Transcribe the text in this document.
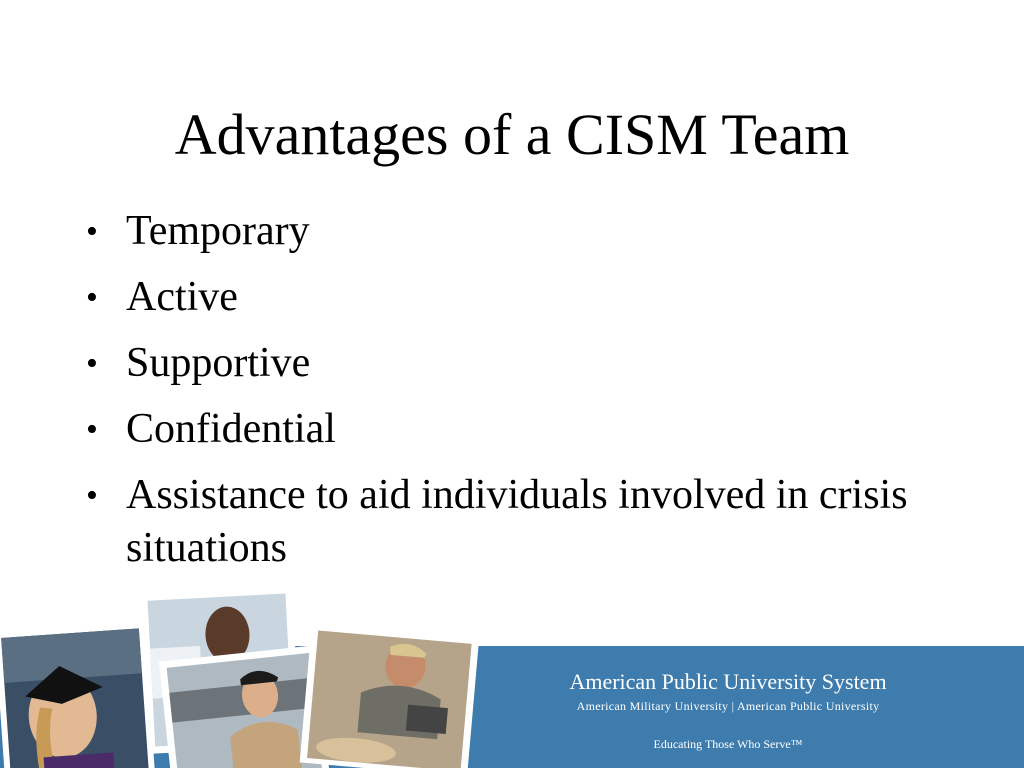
Advantages of a CISM Team
• Temporary
• Active
• Supportive
• Confidential
• Assistance to aid individuals involved in crisis situations
American Public University System
American Military University | American Public University
Educating Those Who Serve™
